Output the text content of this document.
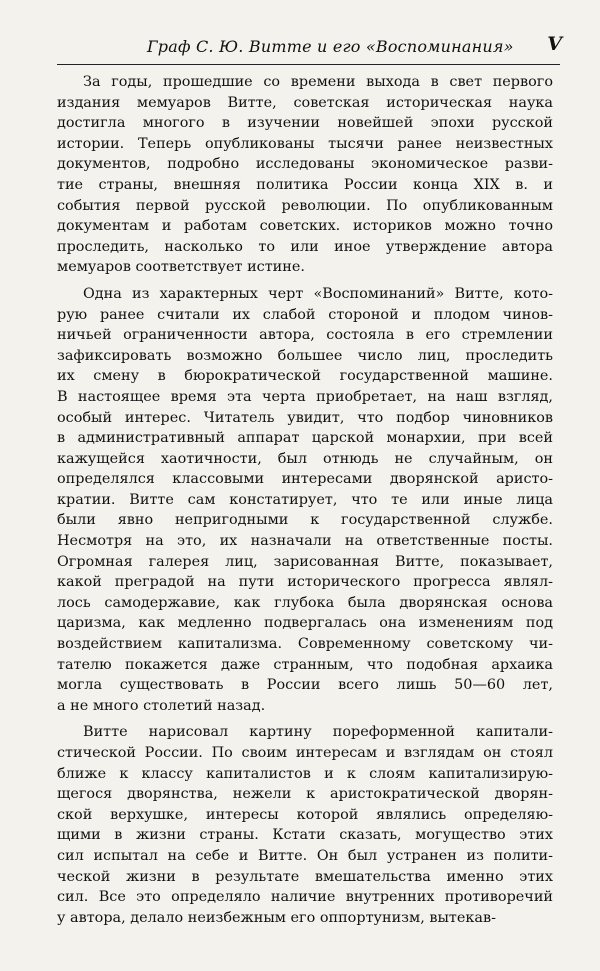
Граф С. Ю. Витте и его «Воспоминания» V
За годы, прошедшие со времени выхода в свет первого
издания мемуаров Витте, советская историческая наука
достигла многого в изучении новейшей эпохи русской
истории. Теперь опубликованы тысячи ранее неизвестных
документов, подробно исследованы экономическое разви-
тие страны, внешняя политика России конца XIX в. и
события первой русской революции. По опубликованным
документам и работам советских. историков можно точно
проследить, насколько то или иное утверждение автора
мемуаров соответствует истине.
Одна из характерных черт «Воспоминаний» Витте, кото-
рую ранее считали их слабой стороной и плодом чинов-
ничьей ограниченности автора, состояла в его стремлении
зафиксировать возможно большее число лиц, проследить
их смену в бюрократической государственной машине.
В настоящее время эта черта приобретает, на наш взгляд,
особый интерес. Читатель увидит, что подбор чиновников
в административный аппарат царской монархии, при всей
кажущейся хаотичности, был отнюдь не случайным, он
определялся классовыми интересами дворянской аристо-
кратии. Витте сам констатирует, что те или иные лица
были явно непригодными к государственной службе.
Несмотря на это, их назначали на ответственные посты.
Огромная галерея лиц, зарисованная Витте, показывает,
какой преградой на пути исторического прогресса являл-
лось самодержавие, как глубока была дворянская основа
царизма, как медленно подвергалась она изменениям под
воздействием капитализма. Современному советскому чи-
тателю покажется даже странным, что подобная архаика
могла существовать в России всего лишь 50—60 лет,
а не много столетий назад.
Витте нарисовал картину пореформенной капитали-
стической России. По своим интересам и взглядам он стоял
ближе к классу капиталистов и к слоям капитализирую-
щегося дворянства, нежели к аристократической дворян-
ской верхушке, интересы которой являлись определяю-
щими в жизни страны. Кстати сказать, могущество этих
сил испытал на себе и Витте. Он был устранен из полити-
ческой жизни в результате вмешательства именно этих
сил. Все это определяло наличие внутренних противоречий
у автора, делало неизбежным его оппортунизм, вытекав-
